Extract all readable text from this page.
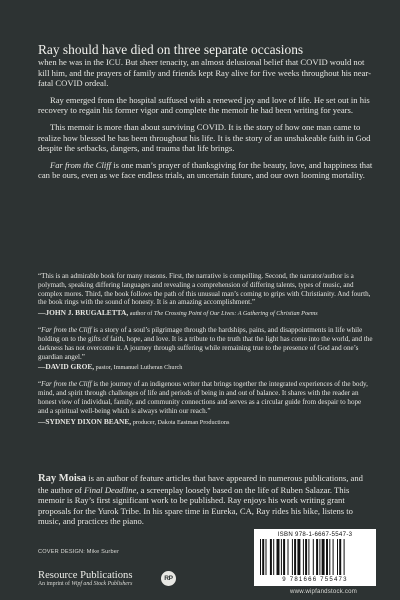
Ray should have died on three separate occasions

when he was in the ICU. But sheer tenacity, an almost delusional belief that COVID would not kill him, and the prayers of family and friends kept Ray alive for five weeks throughout his near-fatal COVID ordeal.

Ray emerged from the hospital suffused with a renewed joy and love of life. He set out in his recovery to regain his former vigor and complete the memoir he had been writing for years.

This memoir is more than about surviving COVID. It is the story of how one man came to realize how blessed he has been throughout his life. It is the story of an unshakeable faith in God despite the setbacks, dangers, and trauma that life brings.

Far from the Cliff is one man’s prayer of thanksgiving for the beauty, love, and happiness that can be ours, even as we face endless trials, an uncertain future, and our own looming mortality.

“This is an admirable book for many reasons. First, the narrative is compelling. Second, the narrator/author is a polymath, speaking differing languages and revealing a comprehension of differing talents, types of music, and complex mores. Third, the book follows the path of this unusual man’s coming to grips with Christianity. And fourth, the book rings with the sound of honesty. It is an amazing accomplishment.”

—JOHN J. BRUGALETTA, author of The Crossing Point of Our Lives: A Gathering of Christian Poems

“Far from the Cliff is a story of a soul’s pilgrimage through the hardships, pains, and disappointments in life while holding on to the gifts of faith, hope, and love. It is a tribute to the truth that the light has come into the world, and the darkness has not overcome it. A journey through suffering while remaining true to the presence of God and one’s guardian angel.”

—DAVID GROE, pastor, Immanuel Lutheran Church

“Far from the Cliff is the journey of an indigenous writer that brings together the integrated experiences of the body, mind, and spirit through challenges of life and periods of being in and out of balance. It shares with the reader an honest view of individual, family, and community connections and serves as a circular guide from despair to hope and a spiritual well-being which is always within our reach.”

—SYDNEY DIXON BEANE, producer, Dakota Eastman Productions

Ray Moisa is an author of feature articles that have appeared in numerous publications, and the author of Final Deadline, a screenplay loosely based on the life of Ruben Salazar. This memoir is Ray’s first significant work to be published. Ray enjoys his work writing grant proposals for the Yurok Tribe. In his spare time in Eureka, CA, Ray rides his bike, listens to music, and practices the piano.

COVER DESIGN: Mike Surber

Resource Publications

An imprint of Wipf and Stock Publishers

RP
ISBN 978-1-6667-5547-3
9 781666 755473
www.wipfandstock.com
